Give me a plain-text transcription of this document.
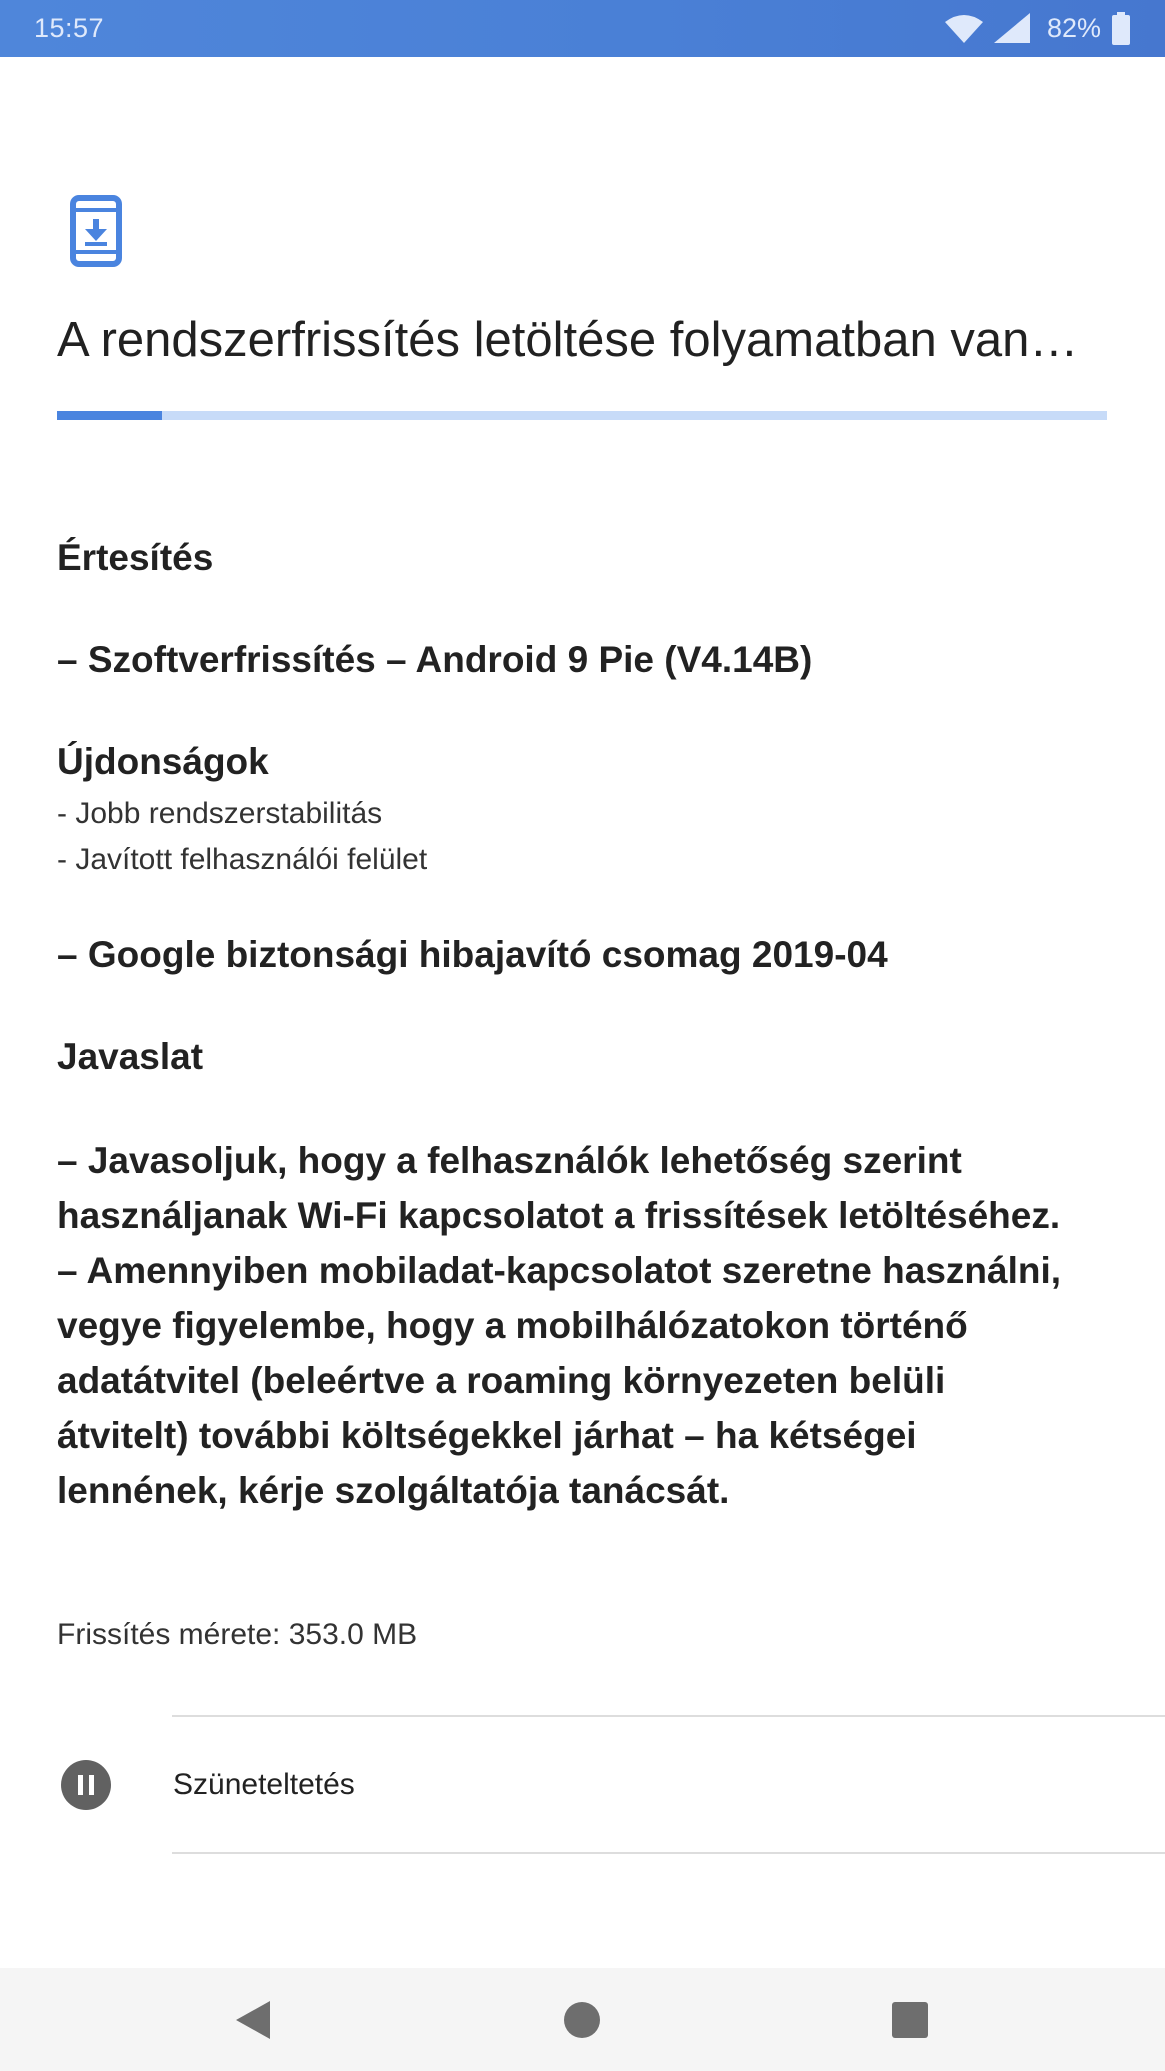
15:57	82%
A rendszerfrissítés letöltése folyamatban van…
Értesítés
– Szoftverfrissítés – Android 9 Pie (V4.14B)
Újdonságok
- Jobb rendszerstabilitás
- Javított felhasználói felület
– Google biztonsági hibajavító csomag 2019-04
Javaslat
– Javasoljuk, hogy a felhasználók lehetőség szerint
használjanak Wi-Fi kapcsolatot a frissítések letöltéséhez.
– Amennyiben mobiladat-kapcsolatot szeretne használni,
vegye figyelembe, hogy a mobilhálózatokon történő
adatátvitel (beleértve a roaming környezeten belüli
átvitelt) további költségekkel járhat – ha kétségei
lennének, kérje szolgáltatója tanácsát.
Frissítés mérete: 353.0 MB
Szüneteltetés
